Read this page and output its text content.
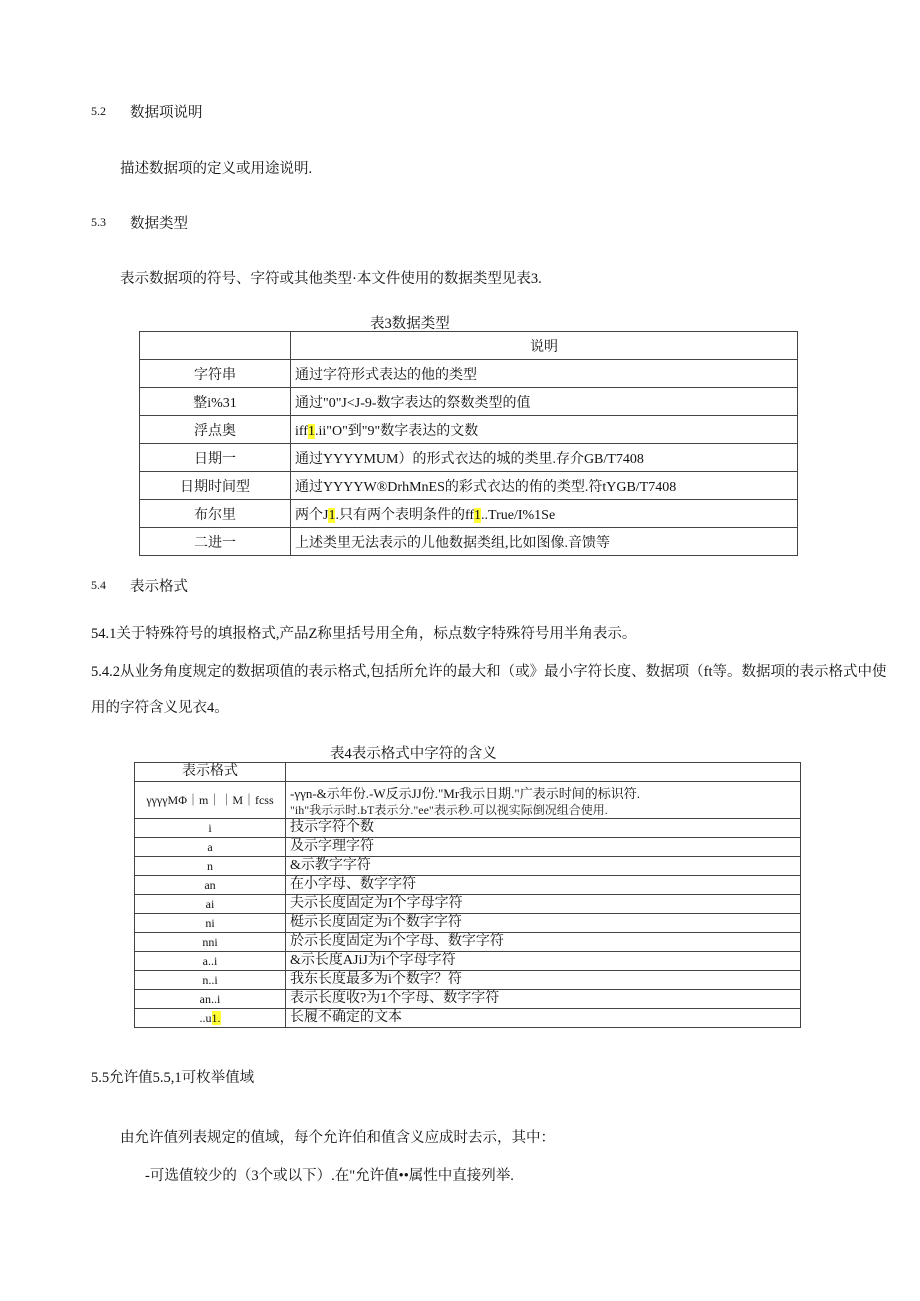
5.2 数据项说明
描述数据项的定义或用途说明.
5.3 数据类型
表示数据项的符号、字符或其他类型·本文件使用的数据类型见表3.
表3数据类型
	说明
字符串	通过字符形式表达的他的类型
整i%31	通过"0"J<J-9-数字表达的祭数类型的值
浮点奥	iff1.ii"O"到"9"数字表达的文数
日期一	通过YYYYMUM）的形式衣达的城的类里.存介GB/T7408
日期时间型	通过YYYYW®DrhMnES的彩式衣达的侑的类型.符tYGB/T7408
布尔里	两个J1.只有两个表明条件的ff1..True/I%1Se
二进一	上述类里无法表示的儿他数据类组,比如图像.音馈等
5.4 表示格式
54.1关于特殊符号的填报格式,产品Z称里括号用全角，标点数字特殊符号用半角表示。
5.4.2从业务角度规定的数据项值的表示格式,包括所允许的最大和（或》最小字符长度、数据项（ft等。数据项的表示格式中使
用的字符含义见衣4。
表4表示格式中字符的含义
表示格式	
γγγγMΦ｜m｜｜M｜fcss	-γγn-&示年份.-W反示JJ份."Mr我示日期."广表示时间的标识符.
"ih"我示示时.ЬT表示分."ee"表示秒.可以视实际倒况组合使用.

i	技示字符个数
a	及示字理字符
n	&示教字字符
an	在小字母、数字字符
ai	夫示长度固定为I个字母字符
ni	梃示长度固定为i个数字字符
nni	於示长度固定为i个字母、数字字符
a..i	&示长度AJiJ为i个字母字符
n..i	我东长度最多为i个数字？符
an..i	表示长度收?为1个字母、数字字符
..u1.	长履不确定的文本
5.5允许值5.5,1可枚举值域
由允许值列表规定的值域，每个允许伯和值含义应成时去示，其中：
-可选值较少的（3个或以下）.在"允许值••属性中直接列举.
